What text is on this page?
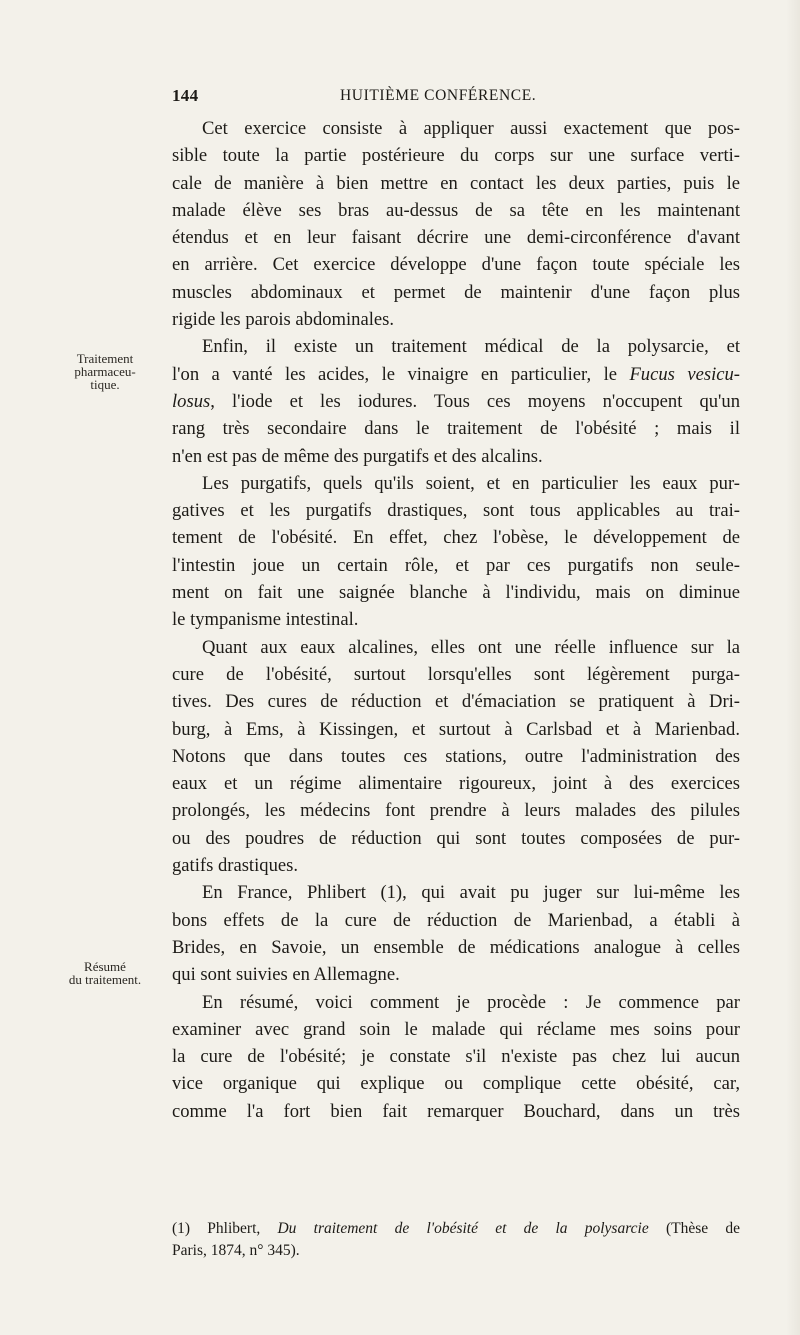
144	HUITIÈME CONFÉRENCE.
Traitement
pharmaceu-
tique.
Résumé
du traitement.
Cet exercice consiste à appliquer aussi exactement que pos-
sible toute la partie postérieure du corps sur une surface verti-
cale de manière à bien mettre en contact les deux parties, puis le
malade élève ses bras au-dessus de sa tête en les maintenant
étendus et en leur faisant décrire une demi-circonférence d'avant
en arrière. Cet exercice développe d'une façon toute spéciale les
muscles abdominaux et permet de maintenir d'une façon plus
rigide les parois abdominales.
Enfin, il existe un traitement médical de la polysarcie, et
l'on a vanté les acides, le vinaigre en particulier, le Fucus vesicu-
losus, l'iode et les iodures. Tous ces moyens n'occupent qu'un
rang très secondaire dans le traitement de l'obésité ; mais il
n'en est pas de même des purgatifs et des alcalins.
Les purgatifs, quels qu'ils soient, et en particulier les eaux pur-
gatives et les purgatifs drastiques, sont tous applicables au trai-
tement de l'obésité. En effet, chez l'obèse, le développement de
l'intestin joue un certain rôle, et par ces purgatifs non seule-
ment on fait une saignée blanche à l'individu, mais on diminue
le tympanisme intestinal.
Quant aux eaux alcalines, elles ont une réelle influence sur la
cure de l'obésité, surtout lorsqu'elles sont légèrement purga-
tives. Des cures de réduction et d'émaciation se pratiquent à Dri-
burg, à Ems, à Kissingen, et surtout à Carlsbad et à Marienbad.
Notons que dans toutes ces stations, outre l'administration des
eaux et un régime alimentaire rigoureux, joint à des exercices
prolongés, les médecins font prendre à leurs malades des pilules
ou des poudres de réduction qui sont toutes composées de pur-
gatifs drastiques.
En France, Phlibert (1), qui avait pu juger sur lui-même les
bons effets de la cure de réduction de Marienbad, a établi à
Brides, en Savoie, un ensemble de médications analogue à celles
qui sont suivies en Allemagne.
En résumé, voici comment je procède : Je commence par
examiner avec grand soin le malade qui réclame mes soins pour
la cure de l'obésité; je constate s'il n'existe pas chez lui aucun
vice organique qui explique ou complique cette obésité, car,
comme l'a fort bien fait remarquer Bouchard, dans un très
(1) Phlibert, Du traitement de l'obésité et de la polysarcie (Thèse de
Paris, 1874, n° 345).
